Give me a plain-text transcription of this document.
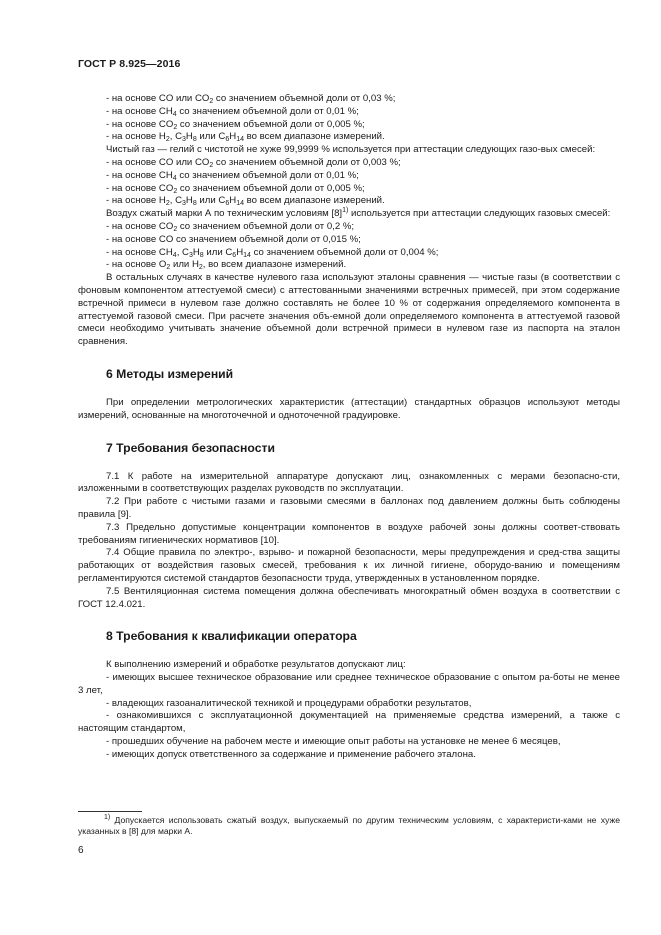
ГОСТ Р 8.925—2016

- на основе CO или $CO_2$ со значением объемной доли от 0,03 %;

- на основе $CH_4$ со значением объемной доли от 0,01 %;

- на основе $CO_2$ со значением объемной доли от 0,005 %;

- на основе $H_2$, $C_3H_8$ или $C_6H_{14}$ во всем диапазоне измерений.

Чистый газ — гелий с чистотой не хуже 99,9999 % используется при аттестации следующих газо-вых смесей:

- на основе CO или $CO_2$ со значением объемной доли от 0,003 %;

- на основе $CH_4$ со значением объемной доли от 0,01 %;

- на основе $CO_2$ со значением объемной доли от 0,005 %;

- на основе $H_2$, $C_3H_8$ или $C_6H_{14}$ во всем диапазоне измерений.

Воздух сжатый марки А по техническим условиям $[8]^{1)}$ используется при аттестации следующих газовых смесей:

- на основе $CO_2$ со значением объемной доли от 0,2 %;

- на основе CO со значением объемной доли от 0,015 %;

- на основе $CH_4$, $C_3H_8$ или $C_6H_{14}$ со значением объемной доли от 0,004 %;

- на основе $O_2$ или $H_2$, во всем диапазоне измерений.

В остальных случаях в качестве нулевого газа используют эталоны сравнения — чистые газы (в соответствии с фоновым компонентом аттестуемой смеси) с аттестованными значениями встречных примесей, при этом содержание встречной примеси в нулевом газе должно составлять не более 10 % от содержания определяемого компонента в аттестуемой газовой смеси. При расчете значения объ-емной доли определяемого компонента в аттестуемой газовой смеси необходимо учитывать значение объемной доли встречной примеси в нулевом газе из паспорта на эталон сравнения.

6 Методы измерений

При определении метрологических характеристик (аттестации) стандартных образцов используют методы измерений, основанные на многоточечной и одноточечной градуировке.

7 Требования безопасности

7.1 К работе на измерительной аппаратуре допускают лиц, ознакомленных с мерами безопасно-сти, изложенными в соответствующих разделах руководств по эксплуатации.

7.2 При работе с чистыми газами и газовыми смесями в баллонах под давлением должны быть соблюдены правила [9].

7.3 Предельно допустимые концентрации компонентов в воздухе рабочей зоны должны соответ-ствовать требованиям гигиенических нормативов [10].

7.4 Общие правила по электро-, взрыво- и пожарной безопасности, меры предупреждения и сред-ства защиты работающих от воздействия газовых смесей, требования к их личной гигиене, оборудо-ванию и помещениям регламентируются системой стандартов безопасности труда, утвержденных в установленном порядке.

7.5 Вентиляционная система помещения должна обеспечивать многократный обмен воздуха в соответствии с ГОСТ 12.4.021.

8 Требования к квалификации оператора

К выполнению измерений и обработке результатов допускают лиц:

- имеющих высшее техническое образование или среднее техническое образование с опытом ра-боты не менее 3 лет,

- владеющих газоаналитической техникой и процедурами обработки результатов,

- ознакомившихся с эксплуатационной документацией на применяемые средства измерений, а также с настоящим стандартом,

- прошедших обучение на рабочем месте и имеющие опыт работы на установке не менее 6 месяцев,

- имеющих допуск ответственного за содержание и применение рабочего эталона.

$^{1)}$ Допускается использовать сжатый воздух, выпускаемый по другим техническим условиям, с характеристи-ками не хуже указанных в [8] для марки А.
6
